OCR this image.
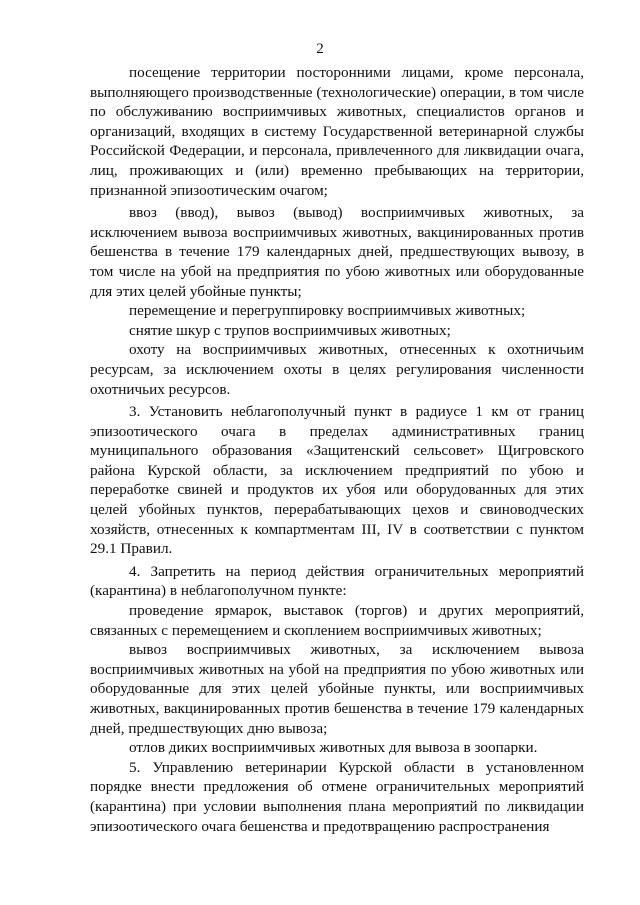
2

посещение территории посторонними лицами, кроме персонала, выполняющего производственные (технологические) операции, в том числе по обслуживанию восприимчивых животных, специалистов органов и организаций, входящих в систему Государственной ветеринарной службы Российской Федерации, и персонала, привлеченного для ликвидации очага, лиц, проживающих и (или) временно пребывающих на территории, признанной эпизоотическим очагом;

ввоз (ввод), вывоз (вывод) восприимчивых животных, за исключением вывоза восприимчивых животных, вакцинированных против бешенства в течение 179 календарных дней, предшествующих вывозу, в том числе на убой на предприятия по убою животных или оборудованные для этих целей убойные пункты;

перемещение и перегруппировку восприимчивых животных;

снятие шкур с трупов восприимчивых животных;

охоту на восприимчивых животных, отнесенных к охотничьим ресурсам, за исключением охоты в целях регулирования численности охотничьих ресурсов.

3. Установить неблагополучный пункт в радиусе 1 км от границ эпизоотического очага в пределах административных границ муниципального образования «Защитенский сельсовет» Щигровского района Курской области, за исключением предприятий по убою и переработке свиней и продуктов их убоя или оборудованных для этих целей убойных пунктов, перерабатывающих цехов и свиноводческих хозяйств, отнесенных к компартментам III, IV в соответствии с пунктом 29.1 Правил.

4. Запретить на период действия ограничительных мероприятий (карантина) в неблагополучном пункте:

проведение ярмарок, выставок (торгов) и других мероприятий, связанных с перемещением и скоплением восприимчивых животных;

вывоз восприимчивых животных, за исключением вывоза восприимчивых животных на убой на предприятия по убою животных или оборудованные для этих целей убойные пункты, или восприимчивых животных, вакцинированных против бешенства в течение 179 календарных дней, предшествующих дню вывоза;

отлов диких восприимчивых животных для вывоза в зоопарки.

5. Управлению ветеринарии Курской области в установленном порядке внести предложения об отмене ограничительных мероприятий (карантина) при условии выполнения плана мероприятий по ликвидации эпизоотического очага бешенства и предотвращению распространения
